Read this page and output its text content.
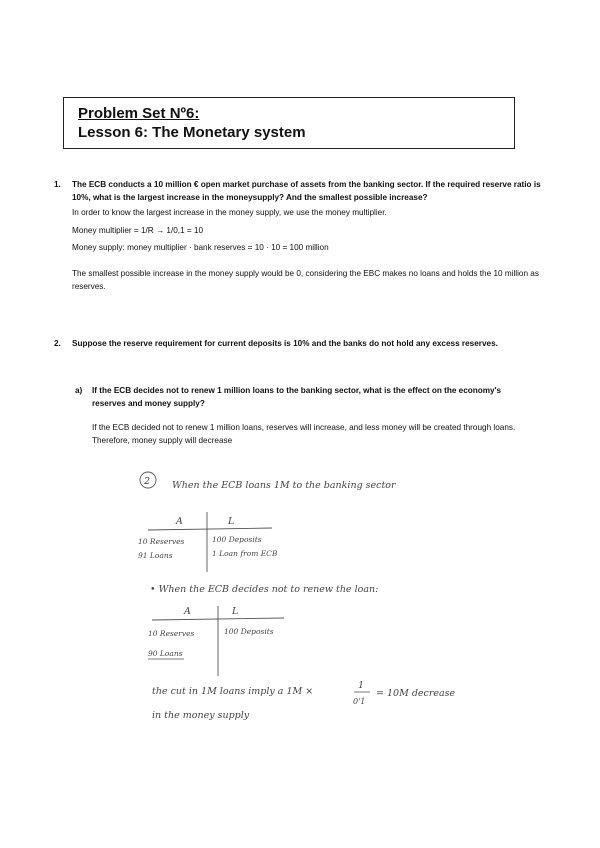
Problem Set Nº6:
Lesson 6: The Monetary system
1. The ECB conducts a 10 million € open market purchase of assets from the banking sector. If the required reserve ratio is 10%, what is the largest increase in the moneysupply? And the smallest possible increase?

In order to know the largest increase in the money supply, we use the money multiplier.

Money multiplier = 1/R → 1/0,1 = 10

Money supply: money multiplier · bank reserves = 10 · 10 = 100 million

The smallest possible increase in the money supply would be 0, considering the EBC makes no loans and holds the 10 million as reserves.

2. Suppose the reserve requirement for current deposits is 10% and the banks do not hold any excess reserves.

a) If the ECB decides not to renew 1 million loans to the banking sector, what is the effect on the economy's reserves and money supply?

If the ECB decided not to renew 1 million loans, reserves will increase, and less money will be created through loans. Therefore, money supply will decrease

2 When the ECB loans 1M to the banking sector
A	L
10 Reserves	100 Deposits
91 Loans	1 Loan from ECB
• When the ECB decides not to renew the loan:
A	L
10 Reserves	100 Deposits
90 Loans
the cut in 1M loans imply a 1M ×
1
0'1
= 10M decrease
in the money supply
